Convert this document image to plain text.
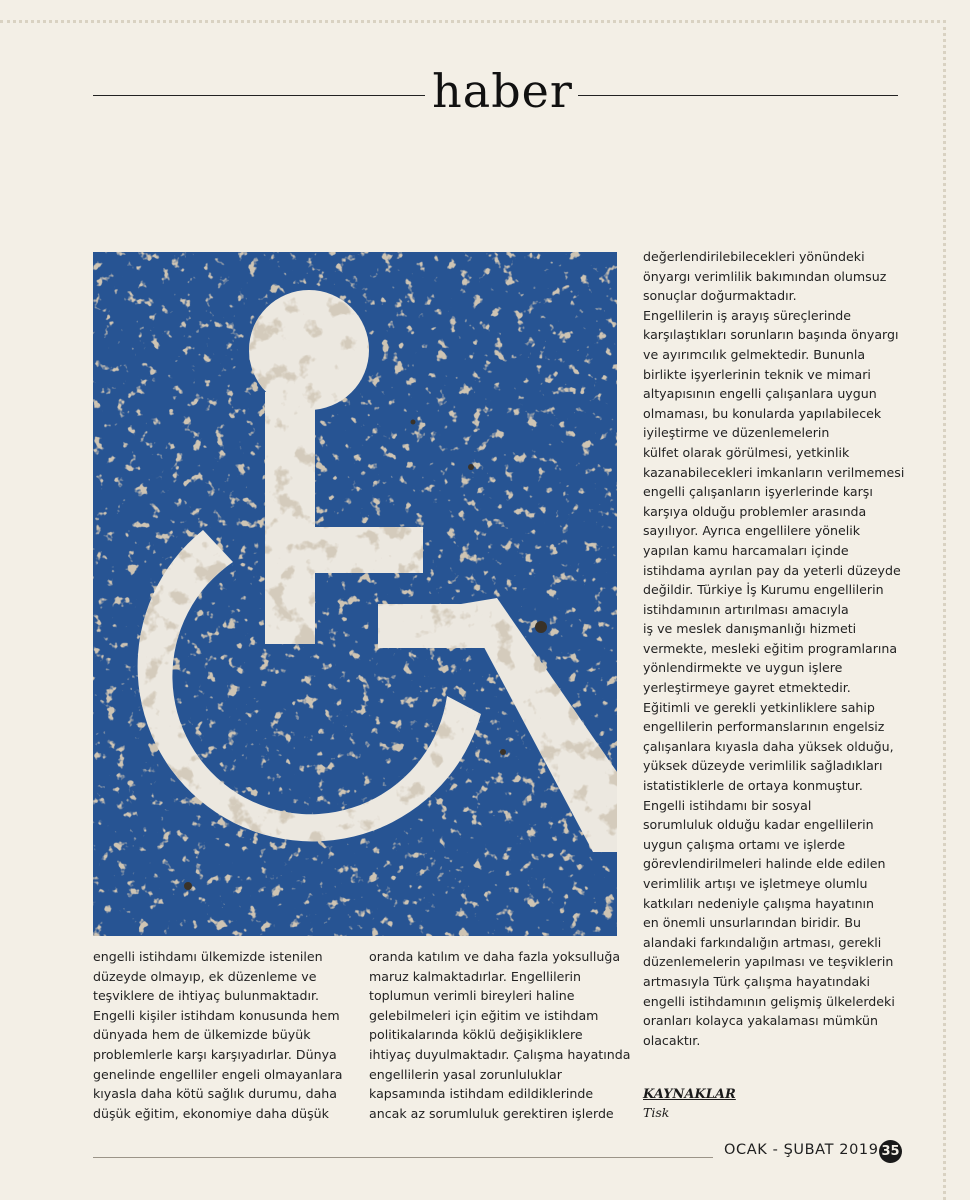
haber

engelli istihdamı ülkemizde istenilen

düzeyde olmayıp, ek düzenleme ve

teşviklere de ihtiyaç bulunmaktadır.

Engelli kişiler istihdam konusunda hem

dünyada hem de ülkemizde büyük

problemlerle karşı karşıyadırlar. Dünya

genelinde engelliler engeli olmayanlara

kıyasla daha kötü sağlık durumu, daha

düşük eğitim, ekonomiye daha düşük

oranda katılım ve daha fazla yoksulluğa

maruz kalmaktadırlar. Engellilerin

toplumun verimli bireyleri haline

gelebilmeleri için eğitim ve istihdam

politikalarında köklü değişikliklere

ihtiyaç duyulmaktadır. Çalışma hayatında

engellilerin yasal zorunluluklar

kapsamında istihdam edildiklerinde

ancak az sorumluluk gerektiren işlerde

değerlendirilebilecekleri yönündeki

önyargı verimlilik bakımından olumsuz

sonuçlar doğurmaktadır.

Engellilerin iş arayış süreçlerinde

karşılaştıkları sorunların başında önyargı

ve ayırımcılık gelmektedir. Bununla

birlikte işyerlerinin teknik ve mimari

altyapısının engelli çalışanlara uygun

olmaması, bu konularda yapılabilecek

iyileştirme ve düzenlemelerin

külfet olarak görülmesi, yetkinlik

kazanabilecekleri imkanların verilmemesi

engelli çalışanların işyerlerinde karşı

karşıya olduğu problemler arasında

sayılıyor. Ayrıca engellilere yönelik

yapılan kamu harcamaları içinde

istihdama ayrılan pay da yeterli düzeyde

değildir. Türkiye İş Kurumu engellilerin

istihdamının artırılması amacıyla

iş ve meslek danışmanlığı hizmeti

vermekte, mesleki eğitim programlarına

yönlendirmekte ve uygun işlere

yerleştirmeye gayret etmektedir.

Eğitimli ve gerekli yetkinliklere sahip

engellilerin performanslarının engelsiz

çalışanlara kıyasla daha yüksek olduğu,

yüksek düzeyde verimlilik sağladıkları

istatistiklerle de ortaya konmuştur.

Engelli istihdamı bir sosyal

sorumluluk olduğu kadar engellilerin

uygun çalışma ortamı ve işlerde

görevlendirilmeleri halinde elde edilen

verimlilik artışı ve işletmeye olumlu

katkıları nedeniyle çalışma hayatının

en önemli unsurlarından biridir. Bu

alandaki farkındalığın artması, gerekli

düzenlemelerin yapılması ve teşviklerin

artmasıyla Türk çalışma hayatındaki

engelli istihdamının gelişmiş ülkelerdeki

oranları kolayca yakalaması mümkün

olacaktır.

KAYNAKLAR
Tisk
OCAK - ŞUBAT 2019 35
